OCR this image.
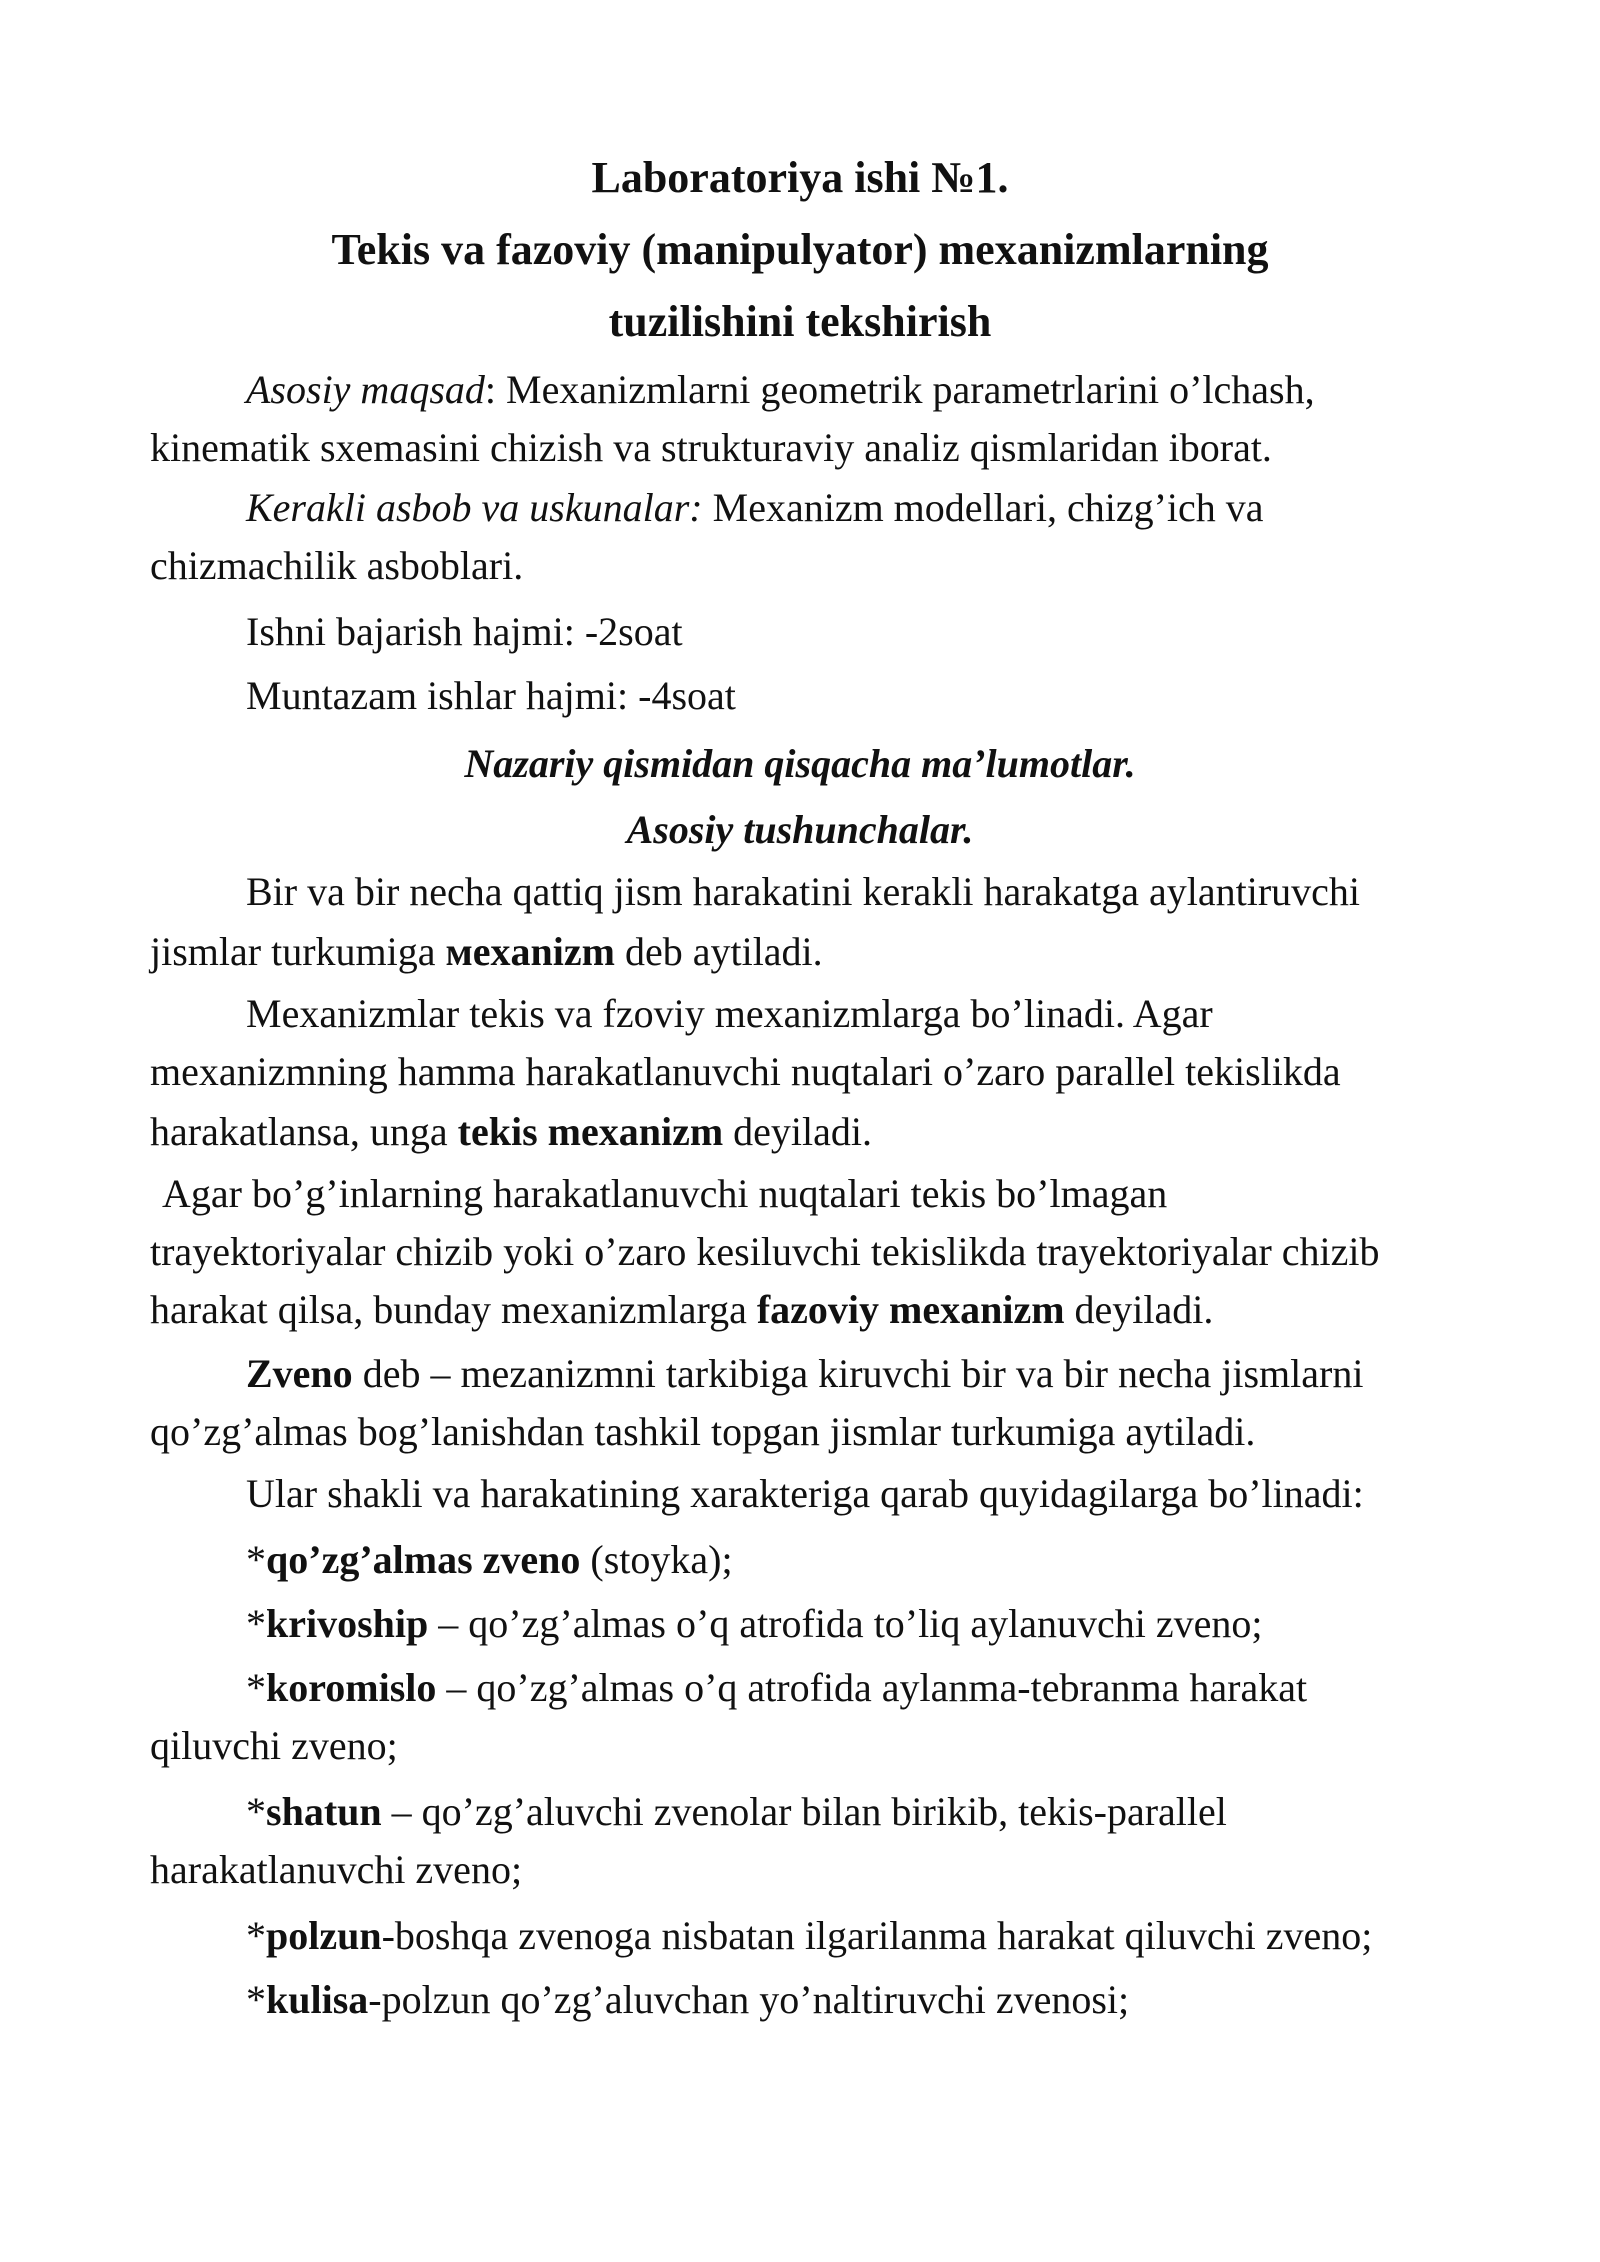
Laboratoriya ishi №1.
Tekis va fazoviy (manipulyator) mexanizmlarning
tuzilishini tekshirish
Asosiy maqsad: Mexanizmlarni geometrik parametrlarini o’lchash,
kinematik sxemasini chizish va strukturaviy analiz qismlaridan iborat.
Kerakli asbob va uskunalar: Mexanizm modellari, chizg’ich va
chizmachilik asboblari.
Ishni bajarish hajmi: -2soat
Muntazam ishlar hajmi: -4soat
Nazariy qismidan qisqacha ma’lumotlar.
Asosiy tushunchalar.
Bir va bir necha qattiq jism harakatini kerakli harakatga aylantiruvchi
jismlar turkumiga мexanizm deb aytiladi.
Mexanizmlar tekis va fzoviy mexanizmlarga bo’linadi. Agar
mexanizmning hamma harakatlanuvchi nuqtalari o’zaro parallel tekislikda
harakatlansa, unga tekis mexanizm deyiladi.
Agar bo’g’inlarning harakatlanuvchi nuqtalari tekis bo’lmagan
trayektoriyalar chizib yoki o’zaro kesiluvchi tekislikda trayektoriyalar chizib
harakat qilsa, bunday mexanizmlarga fazoviy mexanizm deyiladi.
Zveno deb – mezanizmni tarkibiga kiruvchi bir va bir necha jismlarni
qo’zg’almas bog’lanishdan tashkil topgan jismlar turkumiga aytiladi.
Ular shakli va harakatining xarakteriga qarab quyidagilarga bo’linadi:
*qo’zg’almas zveno (stoyka);
*krivoship – qo’zg’almas o’q atrofida to’liq aylanuvchi zveno;
*koromislo – qo’zg’almas o’q atrofida aylanma-tebranma harakat
qiluvchi zveno;
*shatun – qo’zg’aluvchi zvenolar bilan birikib, tekis-parallel
harakatlanuvchi zveno;
*polzun-boshqa zvenoga nisbatan ilgarilanma harakat qiluvchi zveno;
*kulisa-polzun qo’zg’aluvchan yo’naltiruvchi zvenosi;
